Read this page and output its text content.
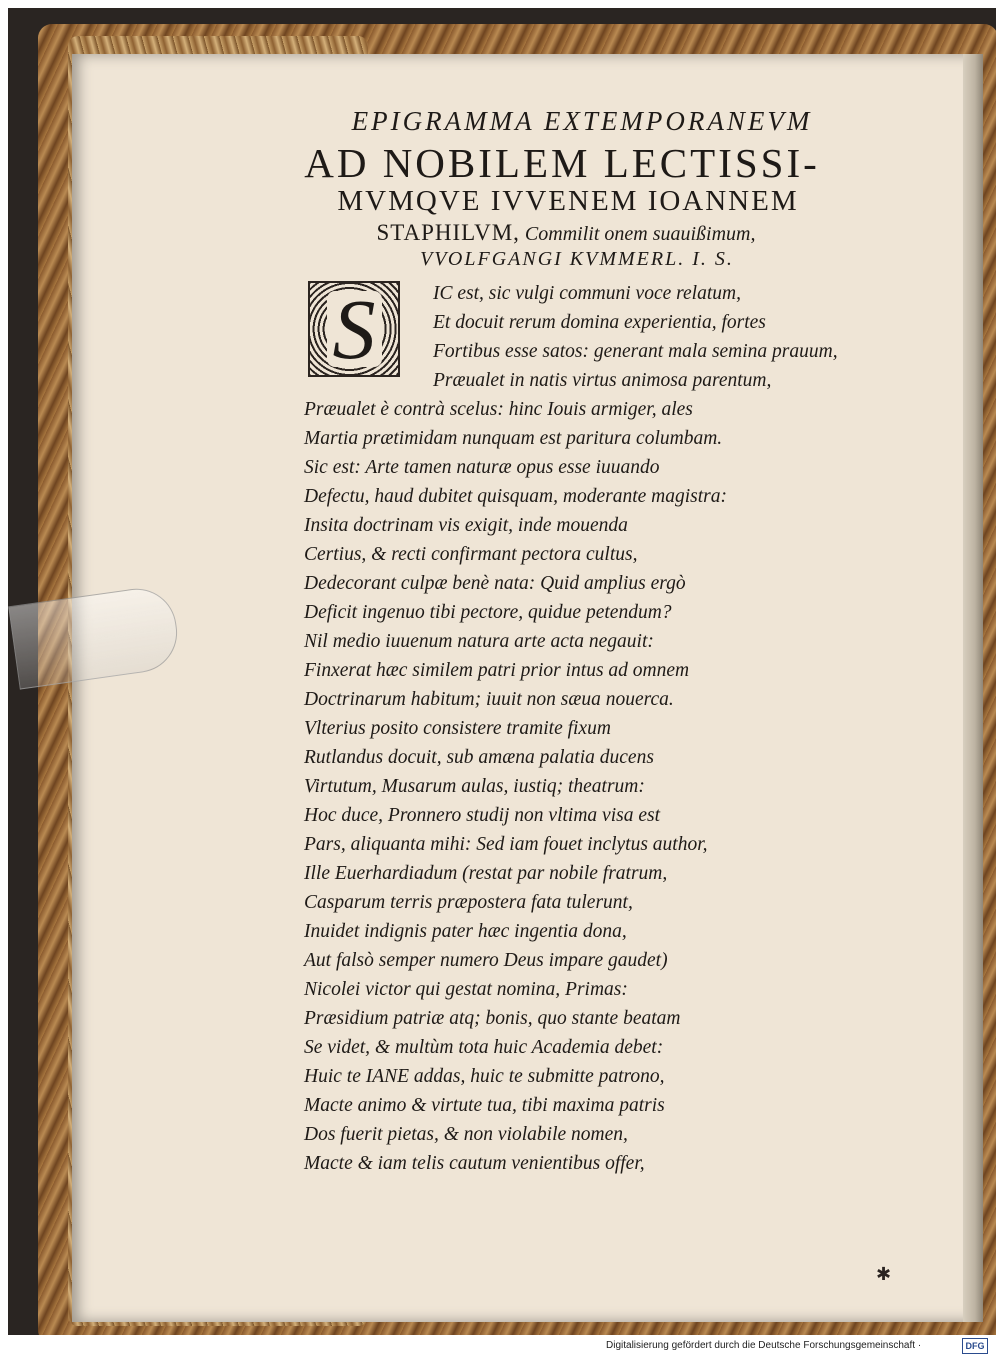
EPIGRAMMA EXTEMPORANEVM
AD NOBILEM LECTISSI-
MVMQVE IVVENEM IOANNEM
STAPHILVM, Commilit onem suauißimum,
VVOLFGANGI KVMMERL. I. S.
S	IC est, sic vulgi communi voce relatum,
Et docuit rerum domina experientia, fortes
Fortibus esse satos: generant mala semina prauum,
Præualet in natis virtus animosa parentum,
Præualet è contrà scelus: hinc Iouis armiger, ales
Martia prætimidam nunquam est paritura columbam.
Sic est: Arte tamen naturæ opus esse iuuando
Defectu, haud dubitet quisquam, moderante magistra:
Insita doctrinam vis exigit, inde mouenda
Certius, & recti confirmant pectora cultus,
Dedecorant culpæ benè nata: Quid amplius ergò
Deficit ingenuo tibi pectore, quidue petendum?
Nil medio iuuenum natura arte acta negauit:
Finxerat hæc similem patri prior intus ad omnem
Doctrinarum habitum; iuuit non sæua nouerca.
Vlterius posito consistere tramite fixum
Rutlandus docuit, sub amæna palatia ducens
Virtutum, Musarum aulas, iustiq; theatrum:
Hoc duce, Pronnero studij non vltima visa est
Pars, aliquanta mihi: Sed iam fouet inclytus author,
Ille Euerhardiadum (restat par nobile fratrum,
Casparum terris præpostera fata tulerunt,
Inuidet indignis pater hæc ingentia dona,
Aut falsò semper numero Deus impare gaudet)
Nicolei victor qui gestat nomina, Primas:
Præsidium patriæ atq; bonis, quo stante beatam
Se videt, & multùm tota huic Academia debet:
Huic te IANE addas, huic te submitte patrono,
Macte animo & virtute tua, tibi maxima patris
Dos fuerit pietas, & non violabile nomen,
Macte & iam telis cautum venientibus offer,
✱
Digitalisierung gefördert durch die Deutsche Forschungsgemeinschaft ·	DFG
